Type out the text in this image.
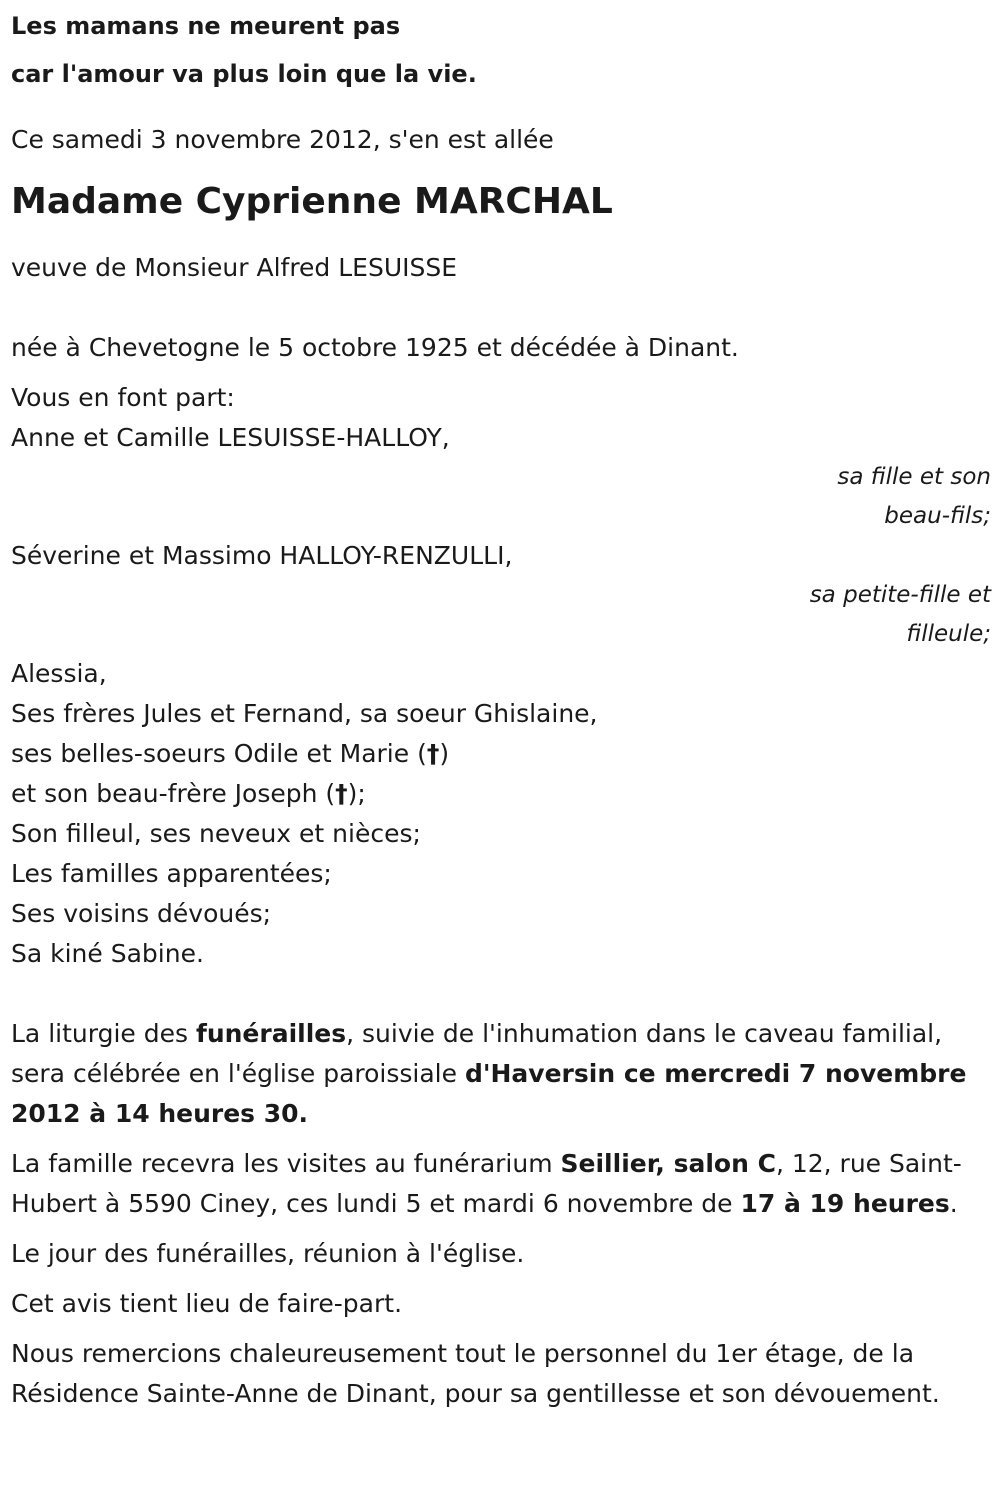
Les mamans ne meurent pas
car l'amour va plus loin que la vie.
Ce samedi 3 novembre 2012, s'en est allée
Madame Cyprienne MARCHAL
veuve de Monsieur Alfred LESUISSE
née à Chevetogne le 5 octobre 1925 et décédée à Dinant.
Vous en font part:
Anne et Camille LESUISSE-HALLOY,
sa fille et son
beau-fils;
Séverine et Massimo HALLOY-RENZULLI,
sa petite-fille et
filleule;
Alessia,
Ses frères Jules et Fernand, sa soeur Ghislaine,
ses belles-soeurs Odile et Marie (†)
et son beau-frère Joseph (†);
Son filleul, ses neveux et nièces;
Les familles apparentées;
Ses voisins dévoués;
Sa kiné Sabine.
La liturgie des funérailles, suivie de l'inhumation dans le caveau familial, sera célébrée en l'église paroissiale d'Haversin ce mercredi 7 novembre 2012 à 14 heures 30.
La famille recevra les visites au funérarium Seillier, salon C, 12, rue Saint-Hubert à 5590 Ciney, ces lundi 5 et mardi 6 novembre de 17 à 19 heures.
Le jour des funérailles, réunion à l'église.
Cet avis tient lieu de faire-part.
Nous remercions chaleureusement tout le personnel du 1er étage, de la Résidence Sainte-Anne de Dinant, pour sa gentillesse et son dévouement.
